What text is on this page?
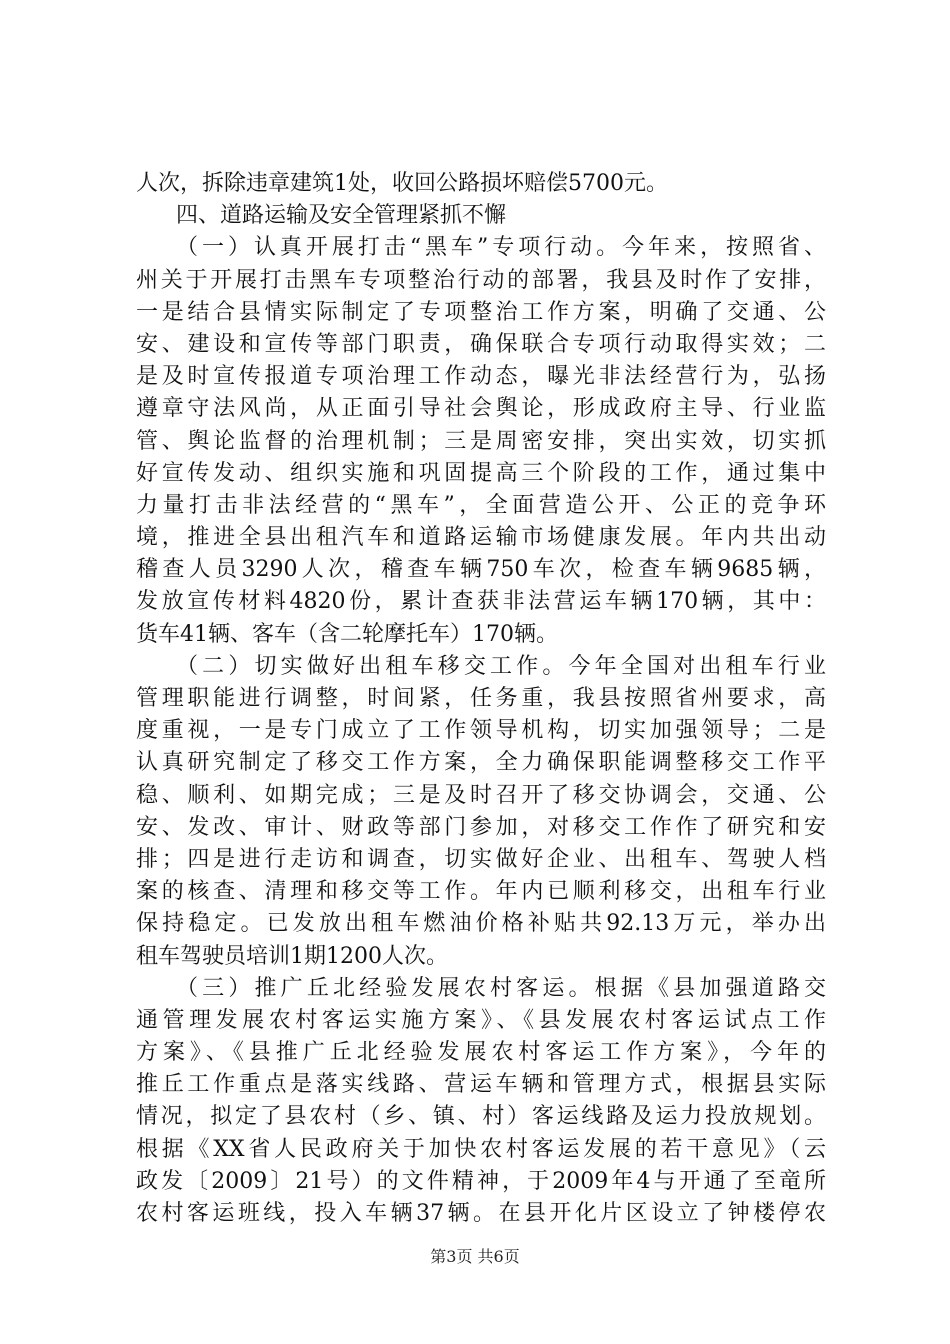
人次，拆除违章建筑1处，收回公路损坏赔偿5700元。
四、道路运输及安全管理紧抓不懈
（一）认真开展打击“黑车”专项行动。今年来，按照省、
州关于开展打击黑车专项整治行动的部署，我县及时作了安排，
一是结合县情实际制定了专项整治工作方案，明确了交通、公
安、建设和宣传等部门职责，确保联合专项行动取得实效；二
是及时宣传报道专项治理工作动态，曝光非法经营行为，弘扬
遵章守法风尚，从正面引导社会舆论，形成政府主导、行业监
管、舆论监督的治理机制；三是周密安排，突出实效，切实抓
好宣传发动、组织实施和巩固提高三个阶段的工作，通过集中
力量打击非法经营的“黑车”，全面营造公开、公正的竞争环
境，推进全县出租汽车和道路运输市场健康发展。年内共出动
稽查人员3290人次，稽查车辆750车次，检查车辆9685辆，
发放宣传材料4820份，累计查获非法营运车辆170辆，其中：
货车41辆、客车（含二轮摩托车）170辆。
（二）切实做好出租车移交工作。今年全国对出租车行业
管理职能进行调整，时间紧，任务重，我县按照省州要求，高
度重视，一是专门成立了工作领导机构，切实加强领导；二是
认真研究制定了移交工作方案，全力确保职能调整移交工作平
稳、顺利、如期完成；三是及时召开了移交协调会，交通、公
安、发改、审计、财政等部门参加，对移交工作作了研究和安
排；四是进行走访和调查，切实做好企业、出租车、驾驶人档
案的核查、清理和移交等工作。年内已顺利移交，出租车行业
保持稳定。已发放出租车燃油价格补贴共92.13万元，举办出
租车驾驶员培训1期1200人次。
（三）推广丘北经验发展农村客运。根据《县加强道路交
通管理发展农村客运实施方案》、《县发展农村客运试点工作
方案》、《县推广丘北经验发展农村客运工作方案》，今年的
推丘工作重点是落实线路、营运车辆和管理方式，根据县实际
情况，拟定了县农村（乡、镇、村）客运线路及运力投放规划。
根据《XX省人民政府关于加快农村客运发展的若干意见》（云
政发〔2009〕21号）的文件精神，于2009年4与开通了至竜所
农村客运班线，投入车辆37辆。在县开化片区设立了钟楼停农
第3页 共6页
